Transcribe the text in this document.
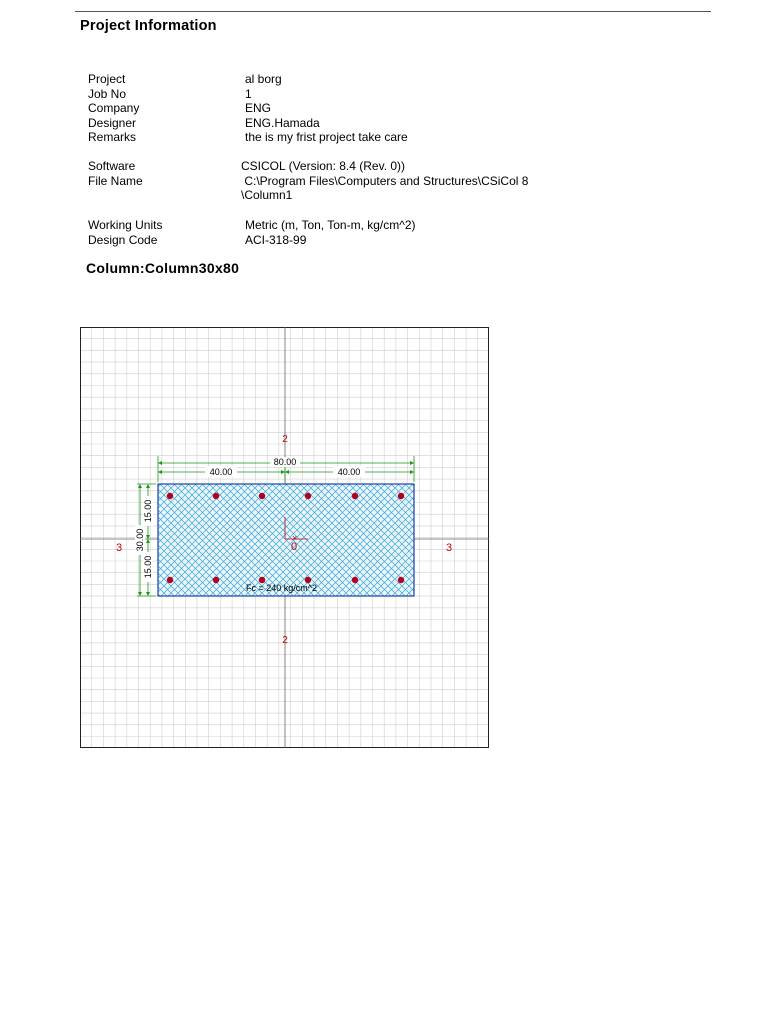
Project Information
Project	al borg
Job No	1
Company	ENG
Designer	ENG.Hamada
Remarks	the is my frist project take care
Software	CSICOL (Version: 8.4 (Rev. 0))
File Name	C:\Program Files\Computers and Structures\CSiCol 8
\Column1
Working Units	Metric (m, Ton, Ton-m, kg/cm^2)
Design Code	ACI-318-99
Column:Column30x80
×
80.00
40.00	40.00
30.00
15.00
15.00
2
2
3	3
0
Fc = 240 kg/cm^2
